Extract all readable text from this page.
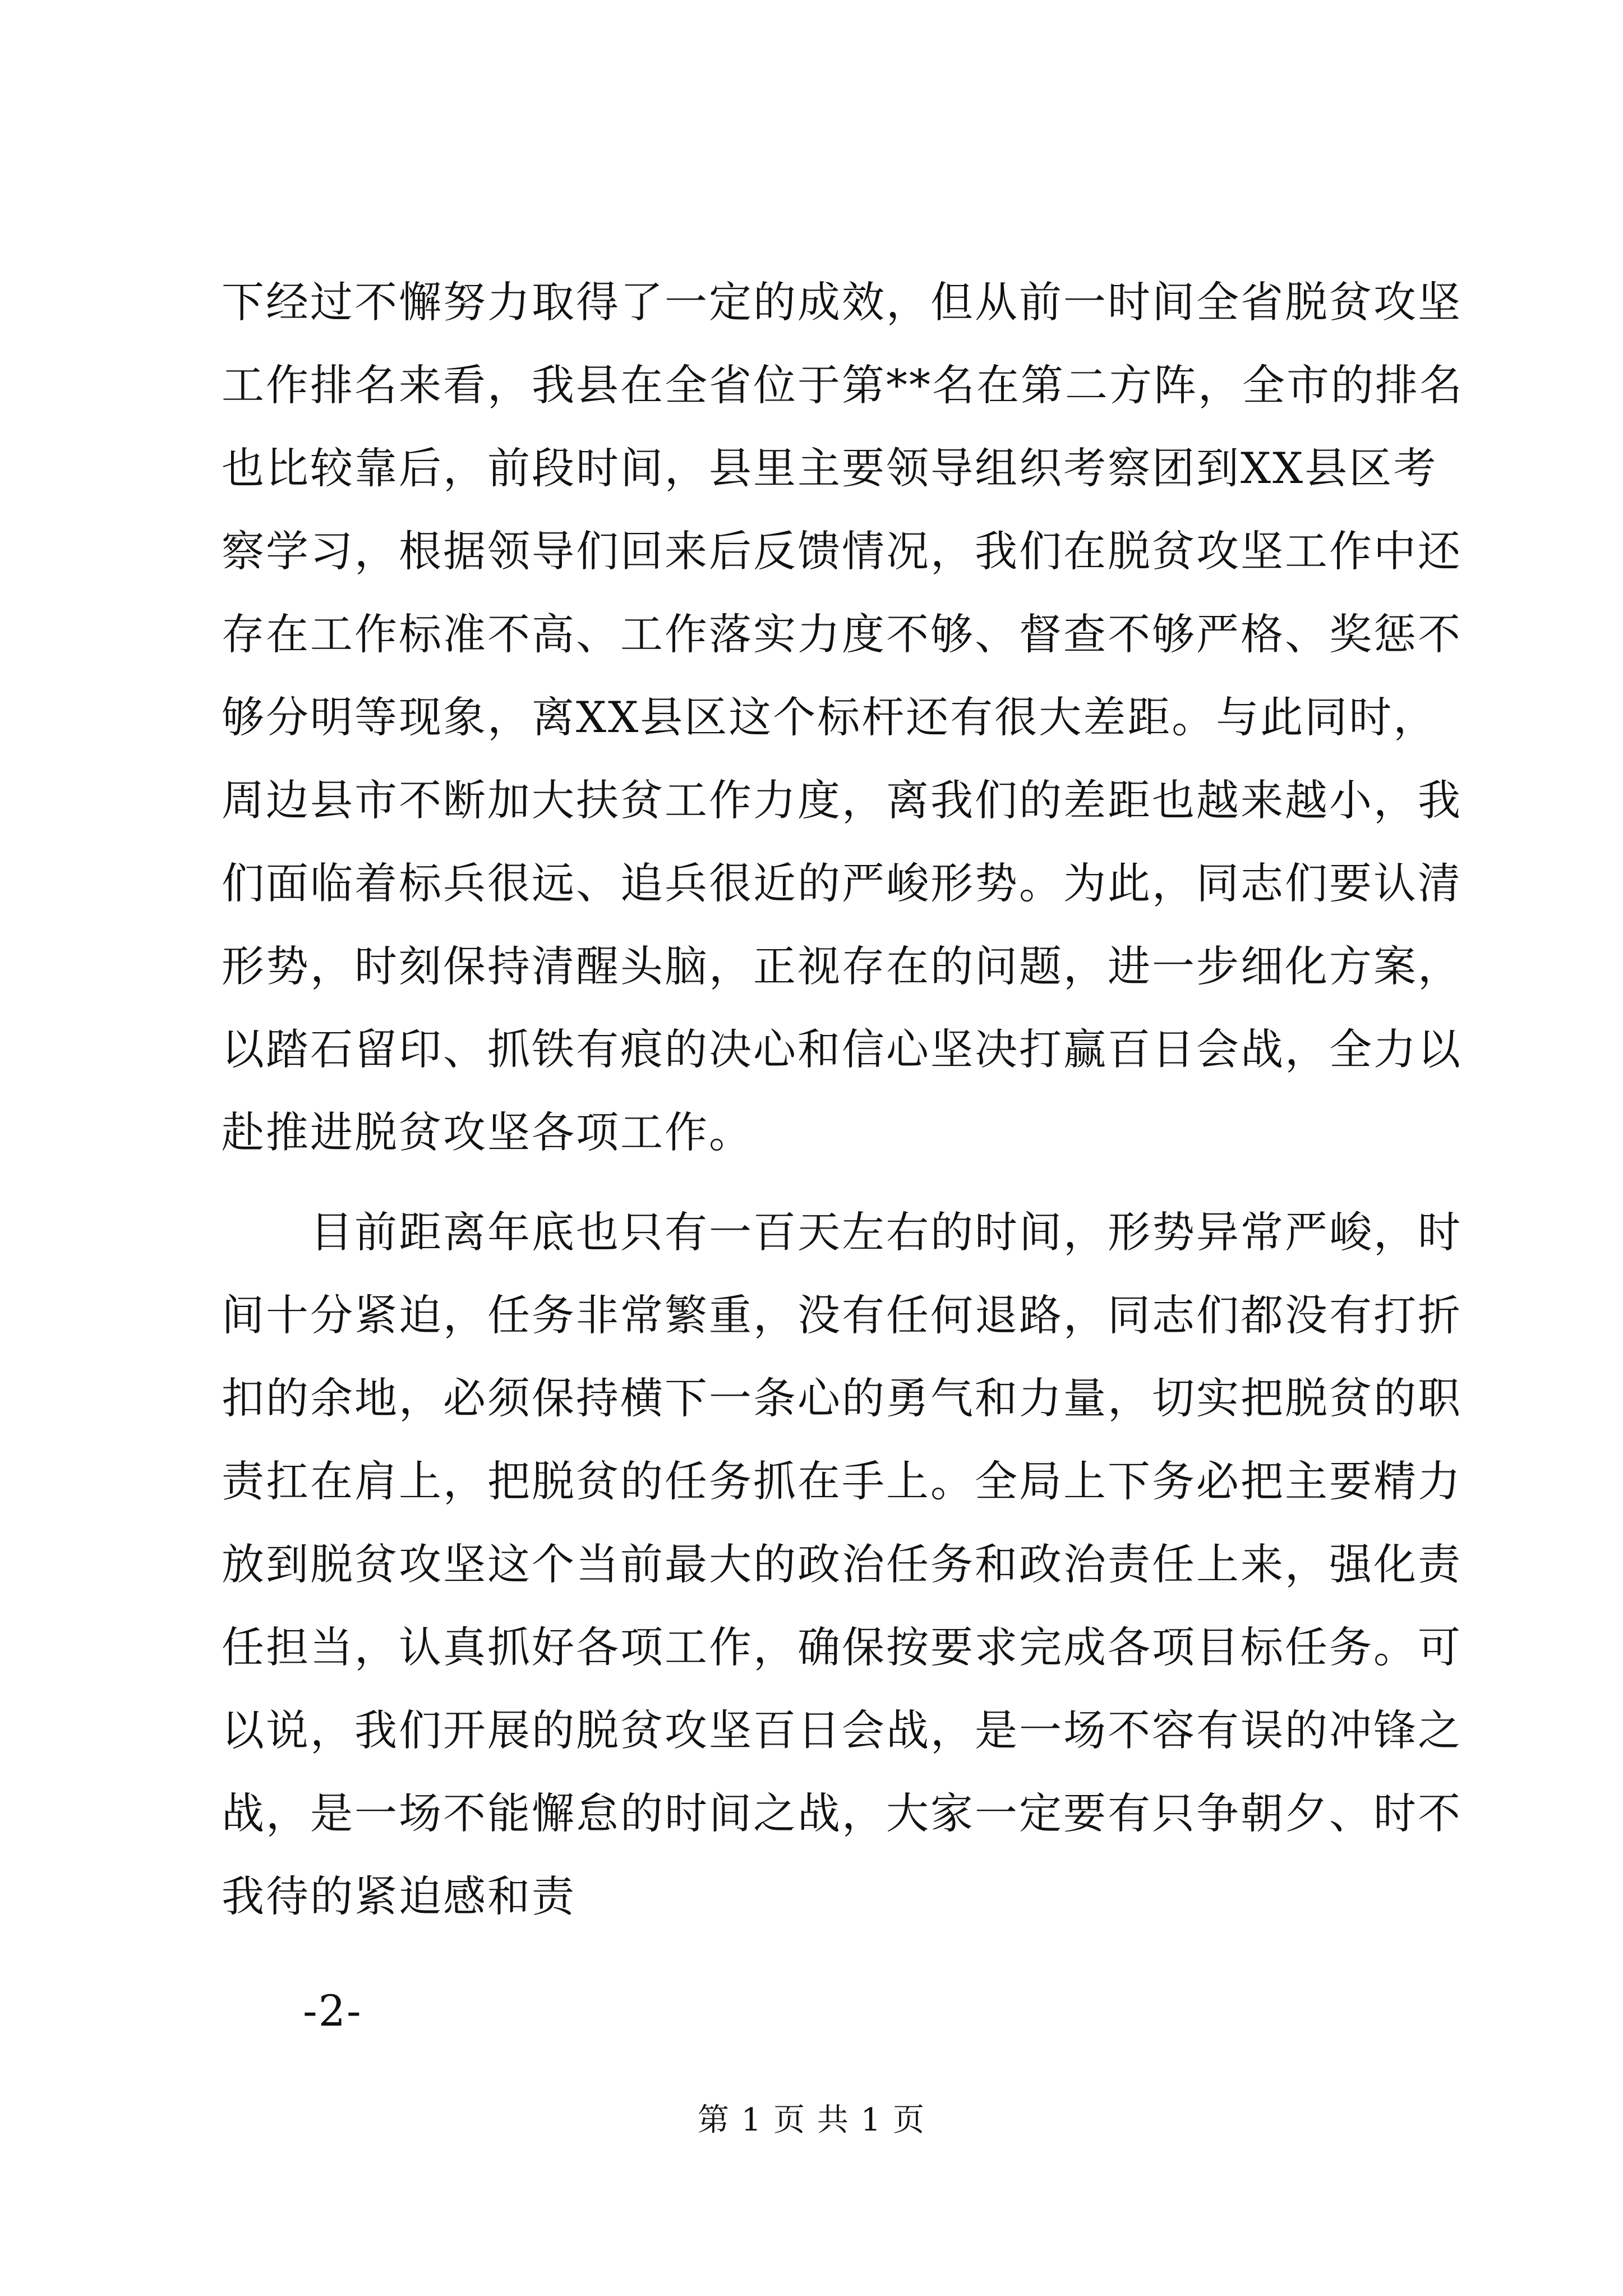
下经过不懈努力取得了一定的成效，但从前一时间全省脱贫攻坚
工作排名来看，我县在全省位于第**名在第二方阵，全市的排名
也比较靠后，前段时间，县里主要领导组织考察团到XX县区考
察学习，根据领导们回来后反馈情况，我们在脱贫攻坚工作中还
存在工作标准不高、工作落实力度不够、督查不够严格、奖惩不
够分明等现象，离XX县区这个标杆还有很大差距。与此同时，
周边县市不断加大扶贫工作力度，离我们的差距也越来越小，我
们面临着标兵很远、追兵很近的严峻形势。为此，同志们要认清
形势，时刻保持清醒头脑，正视存在的问题，进一步细化方案，
以踏石留印、抓铁有痕的决心和信心坚决打赢百日会战，全力以
赴推进脱贫攻坚各项工作。
　　目前距离年底也只有一百天左右的时间，形势异常严峻，时
间十分紧迫，任务非常繁重，没有任何退路，同志们都没有打折
扣的余地，必须保持横下一条心的勇气和力量，切实把脱贫的职
责扛在肩上，把脱贫的任务抓在手上。全局上下务必把主要精力
放到脱贫攻坚这个当前最大的政治任务和政治责任上来，强化责
任担当，认真抓好各项工作，确保按要求完成各项目标任务。可
以说，我们开展的脱贫攻坚百日会战，是一场不容有误的冲锋之
战，是一场不能懈怠的时间之战，大家一定要有只争朝夕、时不
我待的紧迫感和责
-2-
第 1 页 共 1 页
